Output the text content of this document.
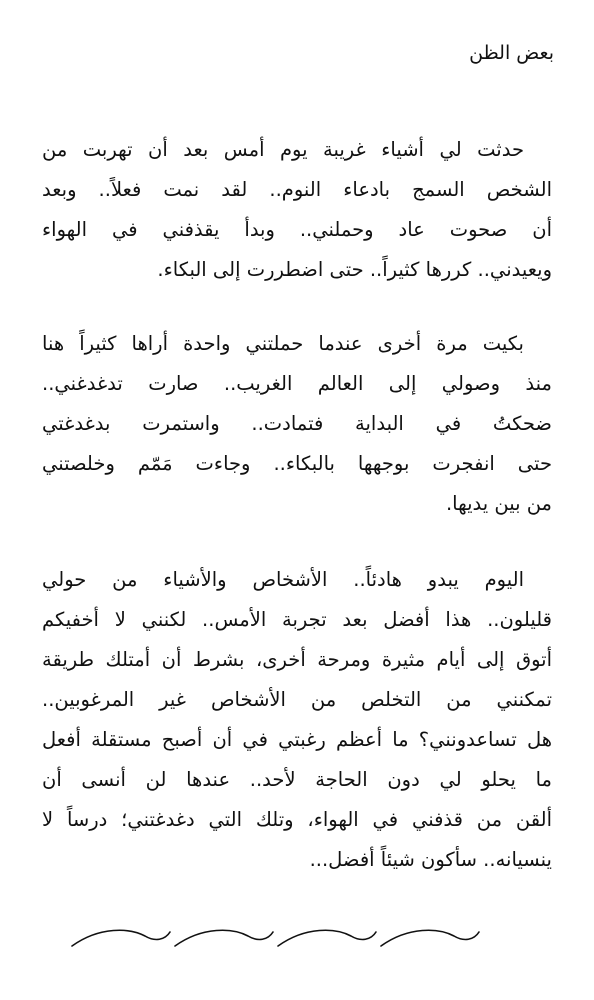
بعض الظن
حدثت لي أشياء غريبة يوم أمس بعد أن تهربت من
الشخص السمج بادعاء النوم.. لقد نمت فعلاً.. وبعد
أن صحوت عاد وحملني.. وبدأ يقذفني في الهواء
ويعيدني.. كررها كثيراً.. حتى اضطررت إلى البكاء.
بكيت مرة أخرى عندما حملتني واحدة أراها كثيراً هنا
منذ وصولي إلى العالم الغريب.. صارت تدغدغني..
ضحكتُ في البداية فتمادت.. واستمرت بدغدغتي
حتى انفجرت بوجهها بالبكاء.. وجاءت مَمّم وخلصتني
من بين يديها.
اليوم يبدو هادئاً.. الأشخاص والأشياء من حولي
قليلون.. هذا أفضل بعد تجربة الأمس.. لكنني لا أخفيكم
أتوق إلى أيام مثيرة ومرحة أخرى، بشرط أن أمتلك طريقة
تمكنني من التخلص من الأشخاص غير المرغوبين..
هل تساعدونني؟ ما أعظم رغبتي في أن أصبح مستقلة أفعل
ما يحلو لي دون الحاجة لأحد.. عندها لن أنسى أن
ألقن من قذفني في الهواء، وتلك التي دغدغتني؛ درساً لا
ينسيانه.. سأكون شيئاً أفضل...
